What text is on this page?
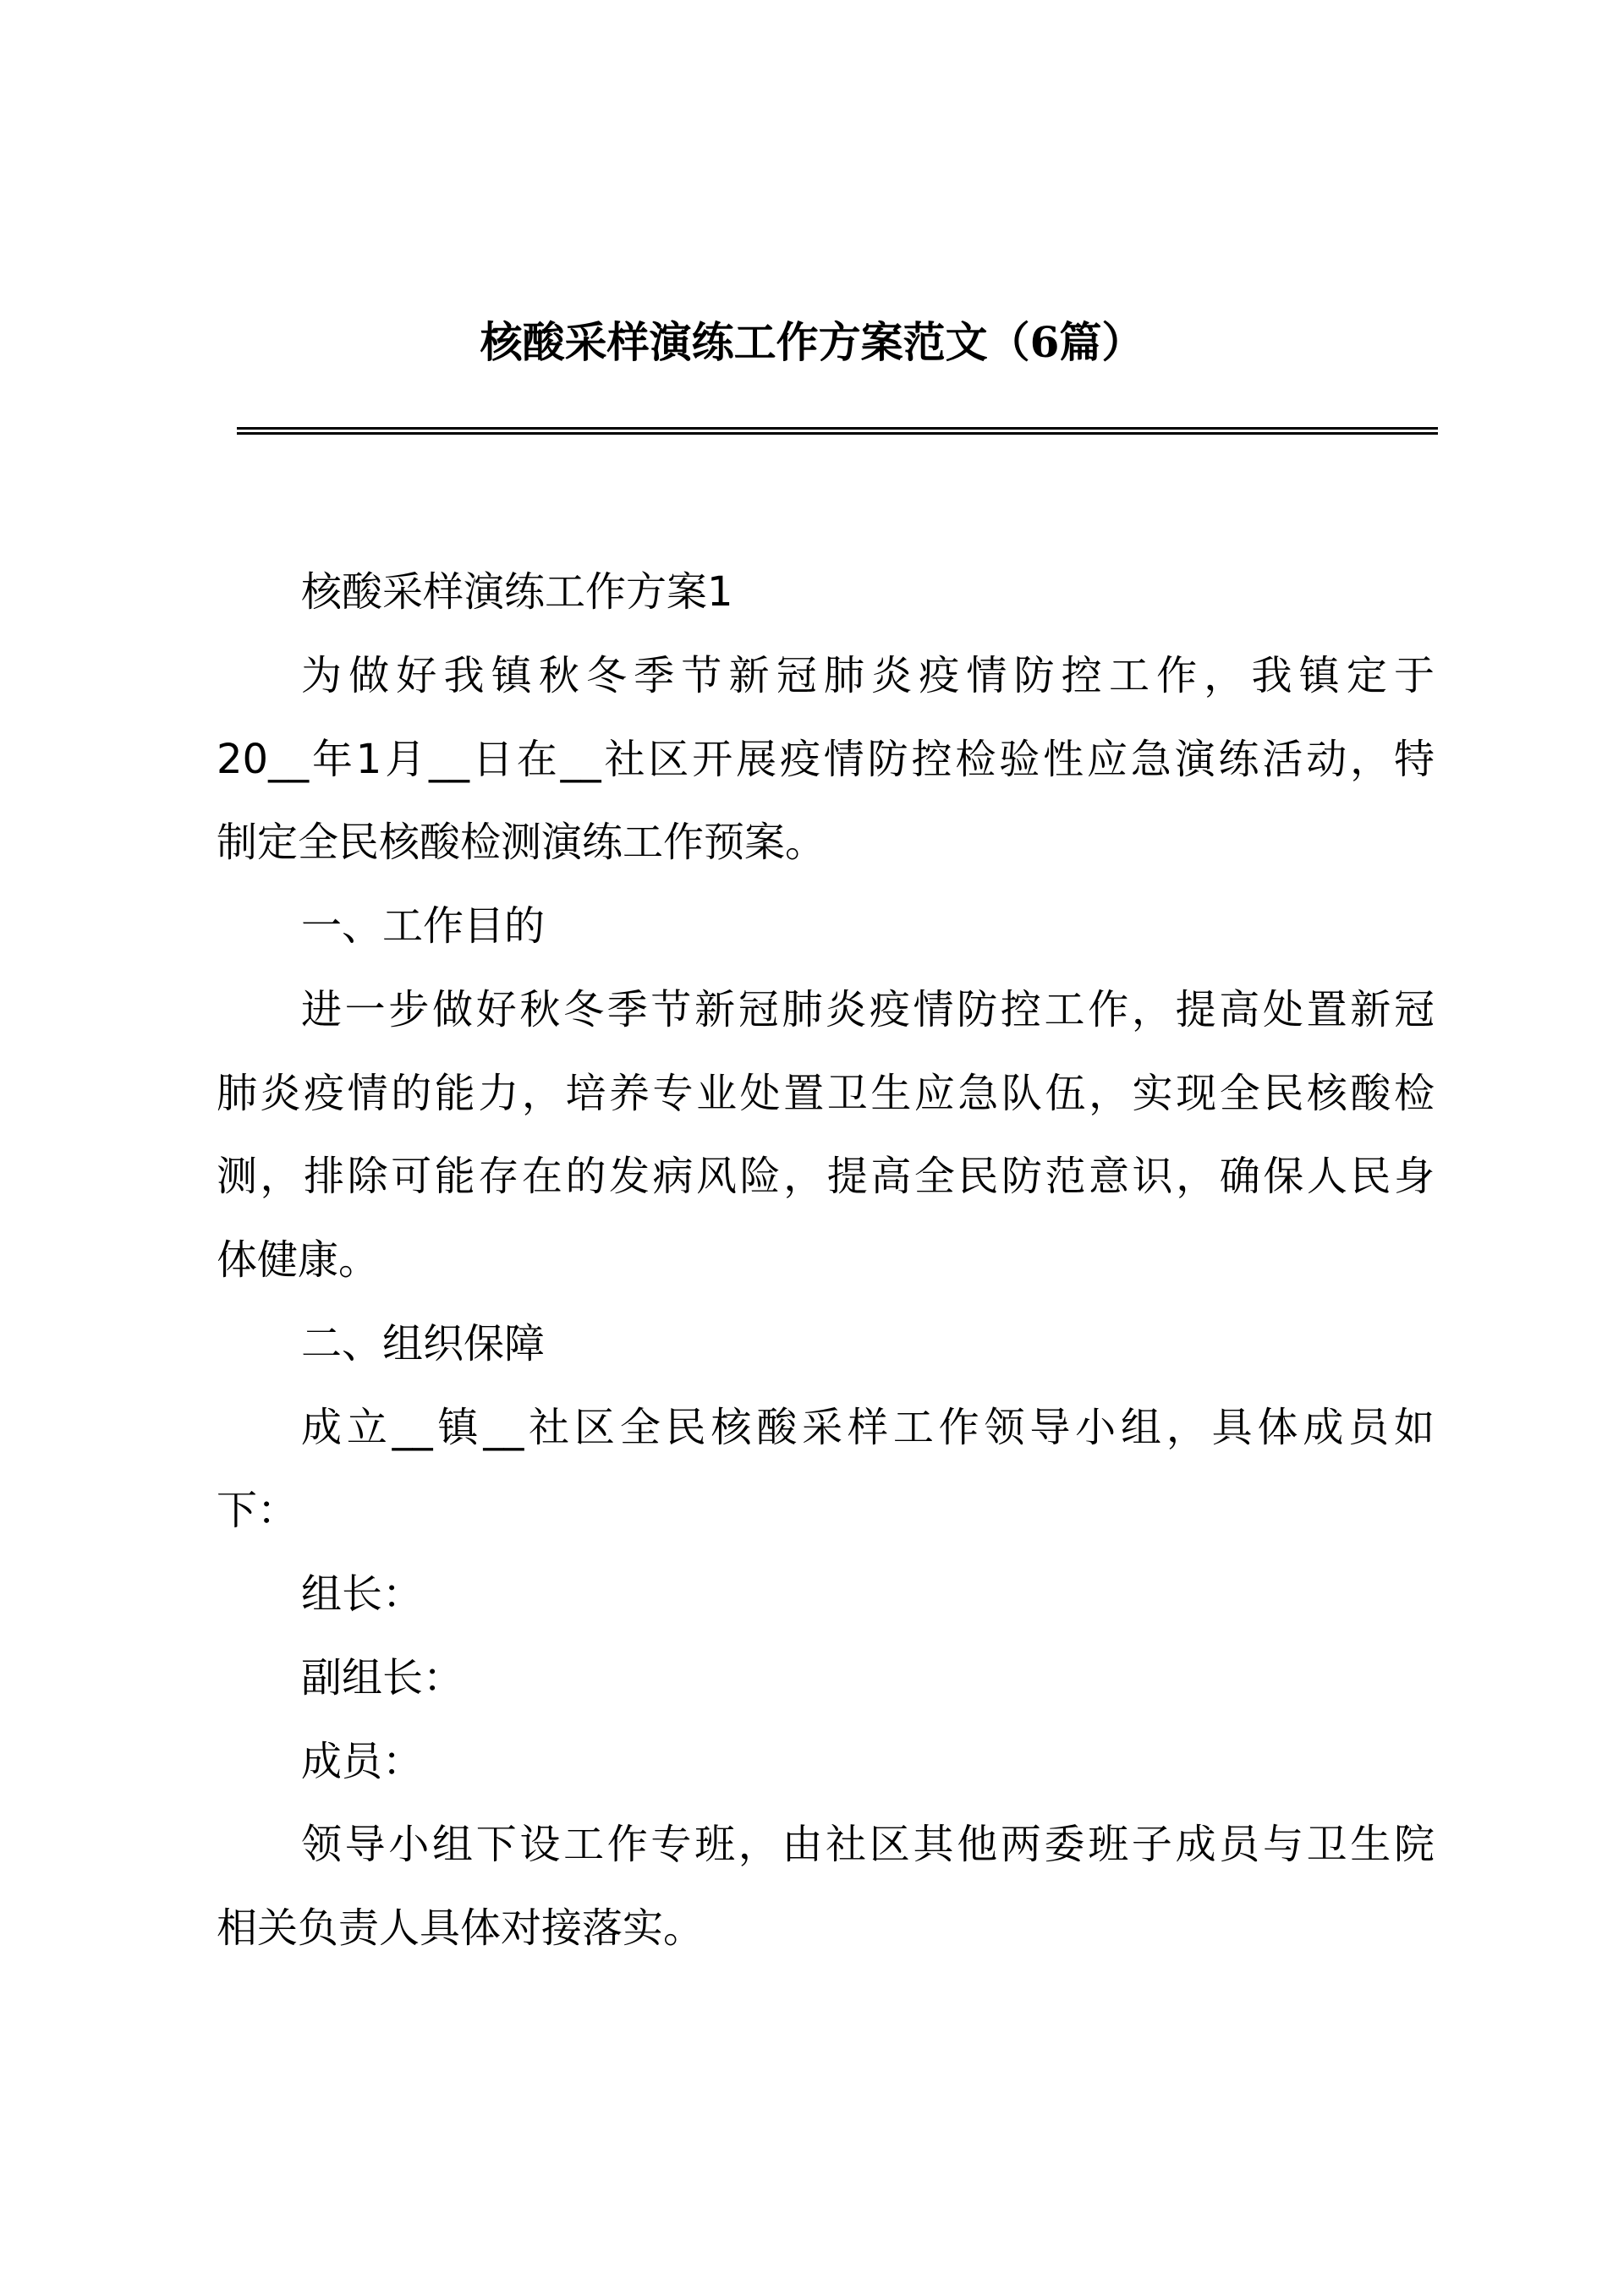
核酸采样演练工作方案范文（6篇）

核酸采样演练工作方案1

为做好我镇秋冬季节新冠肺炎疫情防控工作，我镇定于

20__年1月__日在__社区开展疫情防控检验性应急演练活动，特

制定全民核酸检测演练工作预案。

一、工作目的

进一步做好秋冬季节新冠肺炎疫情防控工作，提高处置新冠

肺炎疫情的能力，培养专业处置卫生应急队伍，实现全民核酸检

测，排除可能存在的发病风险，提高全民防范意识，确保人民身

体健康。

二、组织保障

成立__镇__社区全民核酸采样工作领导小组，具体成员如

下：

组长：

副组长：

成员：

领导小组下设工作专班，由社区其他两委班子成员与卫生院

相关负责人具体对接落实。
